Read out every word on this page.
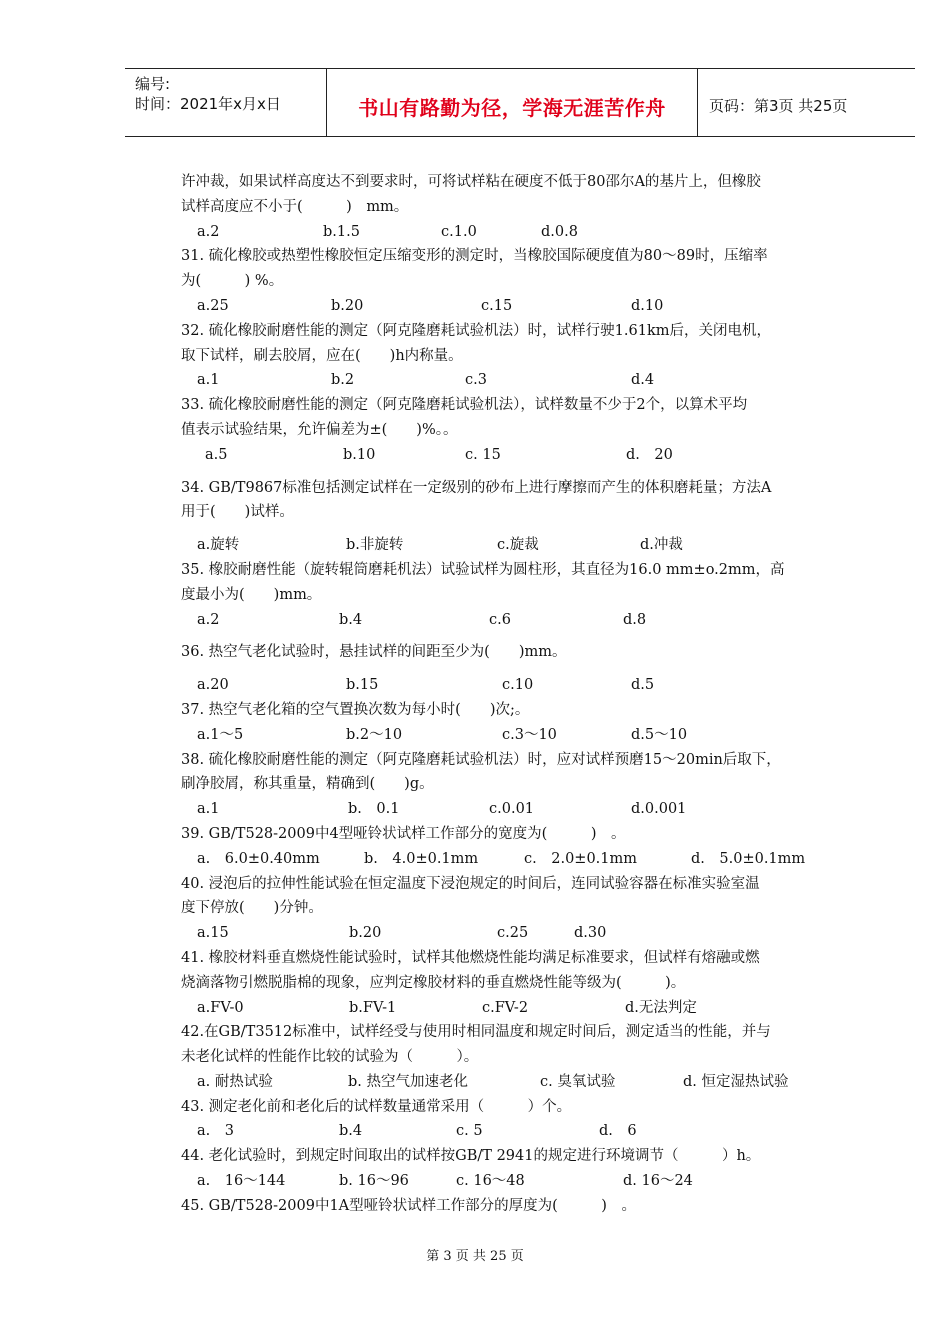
编号:
时间：2021年x月x日	书山有路勤为径，学海无涯苦作舟	页码：第3页 共25页
许冲裁，如果试样高度达不到要求时，可将试样粘在硬度不低于80邵尔A的基片上，但橡胶
试样高度应不小于(　　　)　mm。
a.2	b.1.5	c.1.0	d.0.8
31. 硫化橡胶或热塑性橡胶恒定压缩变形的测定时，当橡胶国际硬度值为80～89时，压缩率
为(　　　) %。
a.25	b.20	c.15	d.10
32. 硫化橡胶耐磨性能的测定（阿克隆磨耗试验机法）时，试样行驶1.61km后，关闭电机，
取下试样，刷去胶屑，应在(　　)h内称量。
a.1	b.2	c.3	d.4
33. 硫化橡胶耐磨性能的测定（阿克隆磨耗试验机法），试样数量不少于2个，以算术平均
值表示试验结果，允许偏差为±(　　)%。。
a.5	b.10	c. 15	d.　20
34. GB/T9867标准包括测定试样在一定级别的砂布上进行摩擦而产生的体积磨耗量；方法A
用于(　　)试样。
a.旋转	b.非旋转	c.旋裁	d.冲裁
35. 橡胶耐磨性能（旋转辊筒磨耗机法）试验试样为圆柱形，其直径为16.0 mm±o.2mm，高
度最小为(　　)mm。
a.2	b.4	c.6	d.8
36. 热空气老化试验时，悬挂试样的间距至少为(　　)mm。
a.20	b.15	c.10	d.5
37. 热空气老化箱的空气置换次数为每小时(　　)次;。
a.1～5	b.2～10	c.3～10	d.5～10
38. 硫化橡胶耐磨性能的测定（阿克隆磨耗试验机法）时，应对试样预磨15～20min后取下，
刷净胶屑，称其重量，精确到(　　)g。
a.1	b.　0.1	c.0.01	d.0.001
39. GB/T528-2009中4型哑铃状试样工作部分的宽度为(　　　)　。
a.　6.0±0.40mm	b.　4.0±0.1mm	c.　2.0±0.1mm	d.　5.0±0.1mm
40. 浸泡后的拉伸性能试验在恒定温度下浸泡规定的时间后，连同试验容器在标准实验室温
度下停放(　　)分钟。
a.15	b.20	c.25	d.30
41. 橡胶材料垂直燃烧性能试验时，试样其他燃烧性能均满足标准要求，但试样有熔融或燃
烧滴落物引燃脱脂棉的现象，应判定橡胶材料的垂直燃烧性能等级为(　　　)。
a.FV-0	b.FV-1	c.FV-2	d.无法判定
42.在GB/T3512标准中，试样经受与使用时相同温度和规定时间后，测定适当的性能，并与
未老化试样的性能作比较的试验为（　　　）。
a. 耐热试验	b. 热空气加速老化	c. 臭氧试验	d. 恒定湿热试验
43. 测定老化前和老化后的试样数量通常采用（　　　）个。
a.　3	b.4	c. 5	d.　6
44. 老化试验时，到规定时间取出的试样按GB/T 2941的规定进行环境调节（　　　）h。
a.　16～144	b. 16～96	c. 16～48	d. 16～24
45. GB/T528-2009中1A型哑铃状试样工作部分的厚度为(　　　)　。
第 3 页 共 25 页
